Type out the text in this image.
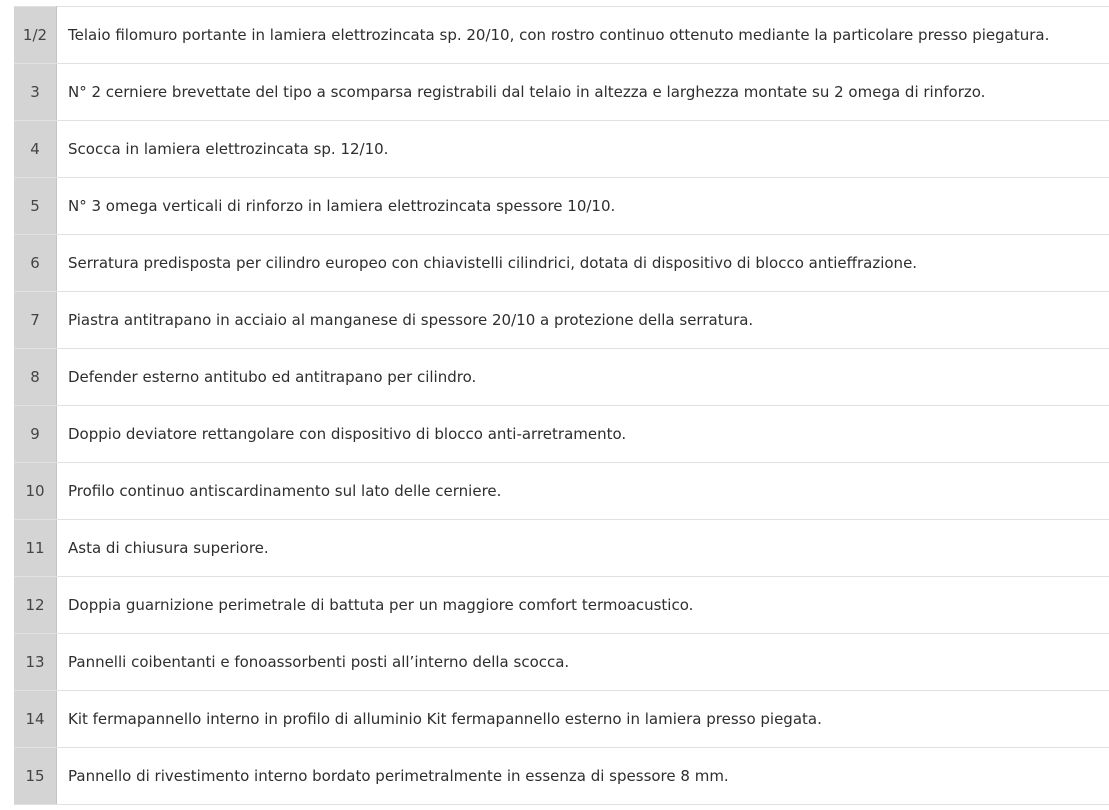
1/2	Telaio filomuro portante in lamiera elettrozincata sp. 20/10, con rostro continuo ottenuto mediante la particolare presso piegatura.
3	N° 2 cerniere brevettate del tipo a scomparsa registrabili dal telaio in altezza e larghezza montate su 2 omega di rinforzo.
4	Scocca in lamiera elettrozincata sp. 12/10.
5	N° 3 omega verticali di rinforzo in lamiera elettrozincata spessore 10/10.
6	Serratura predisposta per cilindro europeo con chiavistelli cilindrici, dotata di dispositivo di blocco antieffrazione.
7	Piastra antitrapano in acciaio al manganese di spessore 20/10 a protezione della serratura.
8	Defender esterno antitubo ed antitrapano per cilindro.
9	Doppio deviatore rettangolare con dispositivo di blocco anti-arretramento.
10	Profilo continuo antiscardinamento sul lato delle cerniere.
11	Asta di chiusura superiore.
12	Doppia guarnizione perimetrale di battuta per un maggiore comfort termoacustico.
13	Pannelli coibentanti e fonoassorbenti posti all’interno della scocca.
14	Kit fermapannello interno in profilo di alluminio Kit fermapannello esterno in lamiera presso piegata.
15	Pannello di rivestimento interno bordato perimetralmente in essenza di spessore 8 mm.
